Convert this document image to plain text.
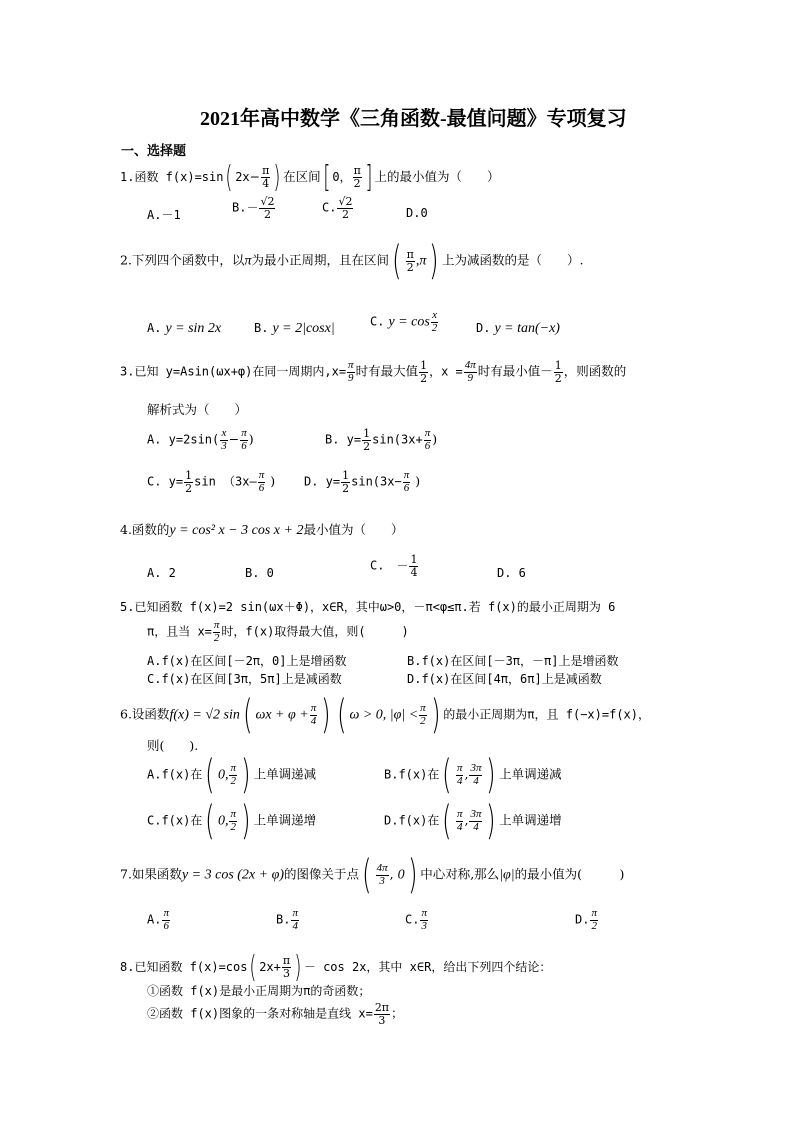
2021年高中数学《三角函数-最值问题》专项复习
一、选择题
1.函数 f(x)=sin( $2x- \frac{\pi}{4}$ ) 在区间[ 0， $\frac{\pi}{2}$ ] 上的最小值为（　　）
A.－1
$B.- \frac{√2}{2}$	C. $\frac{√2}{2}$	D.0
2.下列四个函数中，以π为最小正周期，且在区间( $\frac{\pi}{2} ,\pi$) 上为减函数的是（　　）.
A. y = sin 2x	B. y = 2|cosx|	C. $y = \cos \frac{x}{2}$	D. y = tan(−x)
3.已知 y=Asin(ωx+φ)在同一周期内$,x= \frac{\pi}{9}$ 时有最大值 $\frac{1}{2}$ ，$x = \frac{4\pi}{9}$ 时有最小值－ $\frac{1}{2}$ ，则函数的
解析式为（　　）
A. $y=2\sin( \frac{x}{3} - \frac{\pi}{6}$ )	B. $y= \frac{1}{2} \sin(3x+ \frac{\pi}{6}$ )
C. $y= \frac{1}{2}$ sin （3x— $\frac{\pi}{6}$ ) D. $y= \frac{1}{2} \sin(3x- \frac{\pi}{6}$ )
4.函数的y = cos² x − 3 cos x + 2最小值为（　　）
A. 2	B. 0
C.　－ $\frac{1}{4}$	D. 6
5.已知函数 f(x)=2 sin(ωx＋Φ)，x∈R，其中ω>0，－π<φ≤π.若 f(x)的最小正周期为 6
π，且当 $x= \frac{\pi}{2}$ 时，f(x)取得最大值，则(　　　)
A.f(x)在区间[－2π，0]上是增函数	B.f(x)在区间[－3π，－π]上是增函数
C.f(x)在区间[3π，5π]上是减函数	D.f(x)在区间[4π，6π]上是减函数
6.设函数f(x) = √2 sin( $\omega x + \varphi + \frac{\pi}{4}$ ) ( ω > 0, $|\varphi| < \frac{\pi}{2}$ ) 的最小正周期为π，且 f(−x)=f(x)，
则(　　).
A.f(x)在( 0, $\frac{\pi}{2}$ ) 上单调递减	B.f(x)在( $\frac{\pi}{4}$ , $\frac{3\pi}{4}$ ) 上单调递减
C.f(x)在( 0, $\frac{\pi}{2}$ ) 上单调递增	D.f(x)在( $\frac{\pi}{4}$ , $\frac{3\pi}{4}$ ) 上单调递增
7.如果函数y = 3 cos (2x + φ)的图像关于点( $\frac{4\pi}{3}$ , 0) 中心对称,那么|φ|的最小值为(　　　)
A. $\frac{\pi}{6}$	B. $\frac{\pi}{4}$	C. $\frac{\pi}{3}$	D. $\frac{\pi}{2}$
8.已知函数 f(x)=cos( $2x+ \frac{\pi}{3}$ ) － cos 2x，其中 x∈R，给出下列四个结论：
①函数 f(x)是最小正周期为π的奇函数；
②函数 f(x)图象的一条对称轴是直线 $x= \frac{2\pi}{3}$ ；
